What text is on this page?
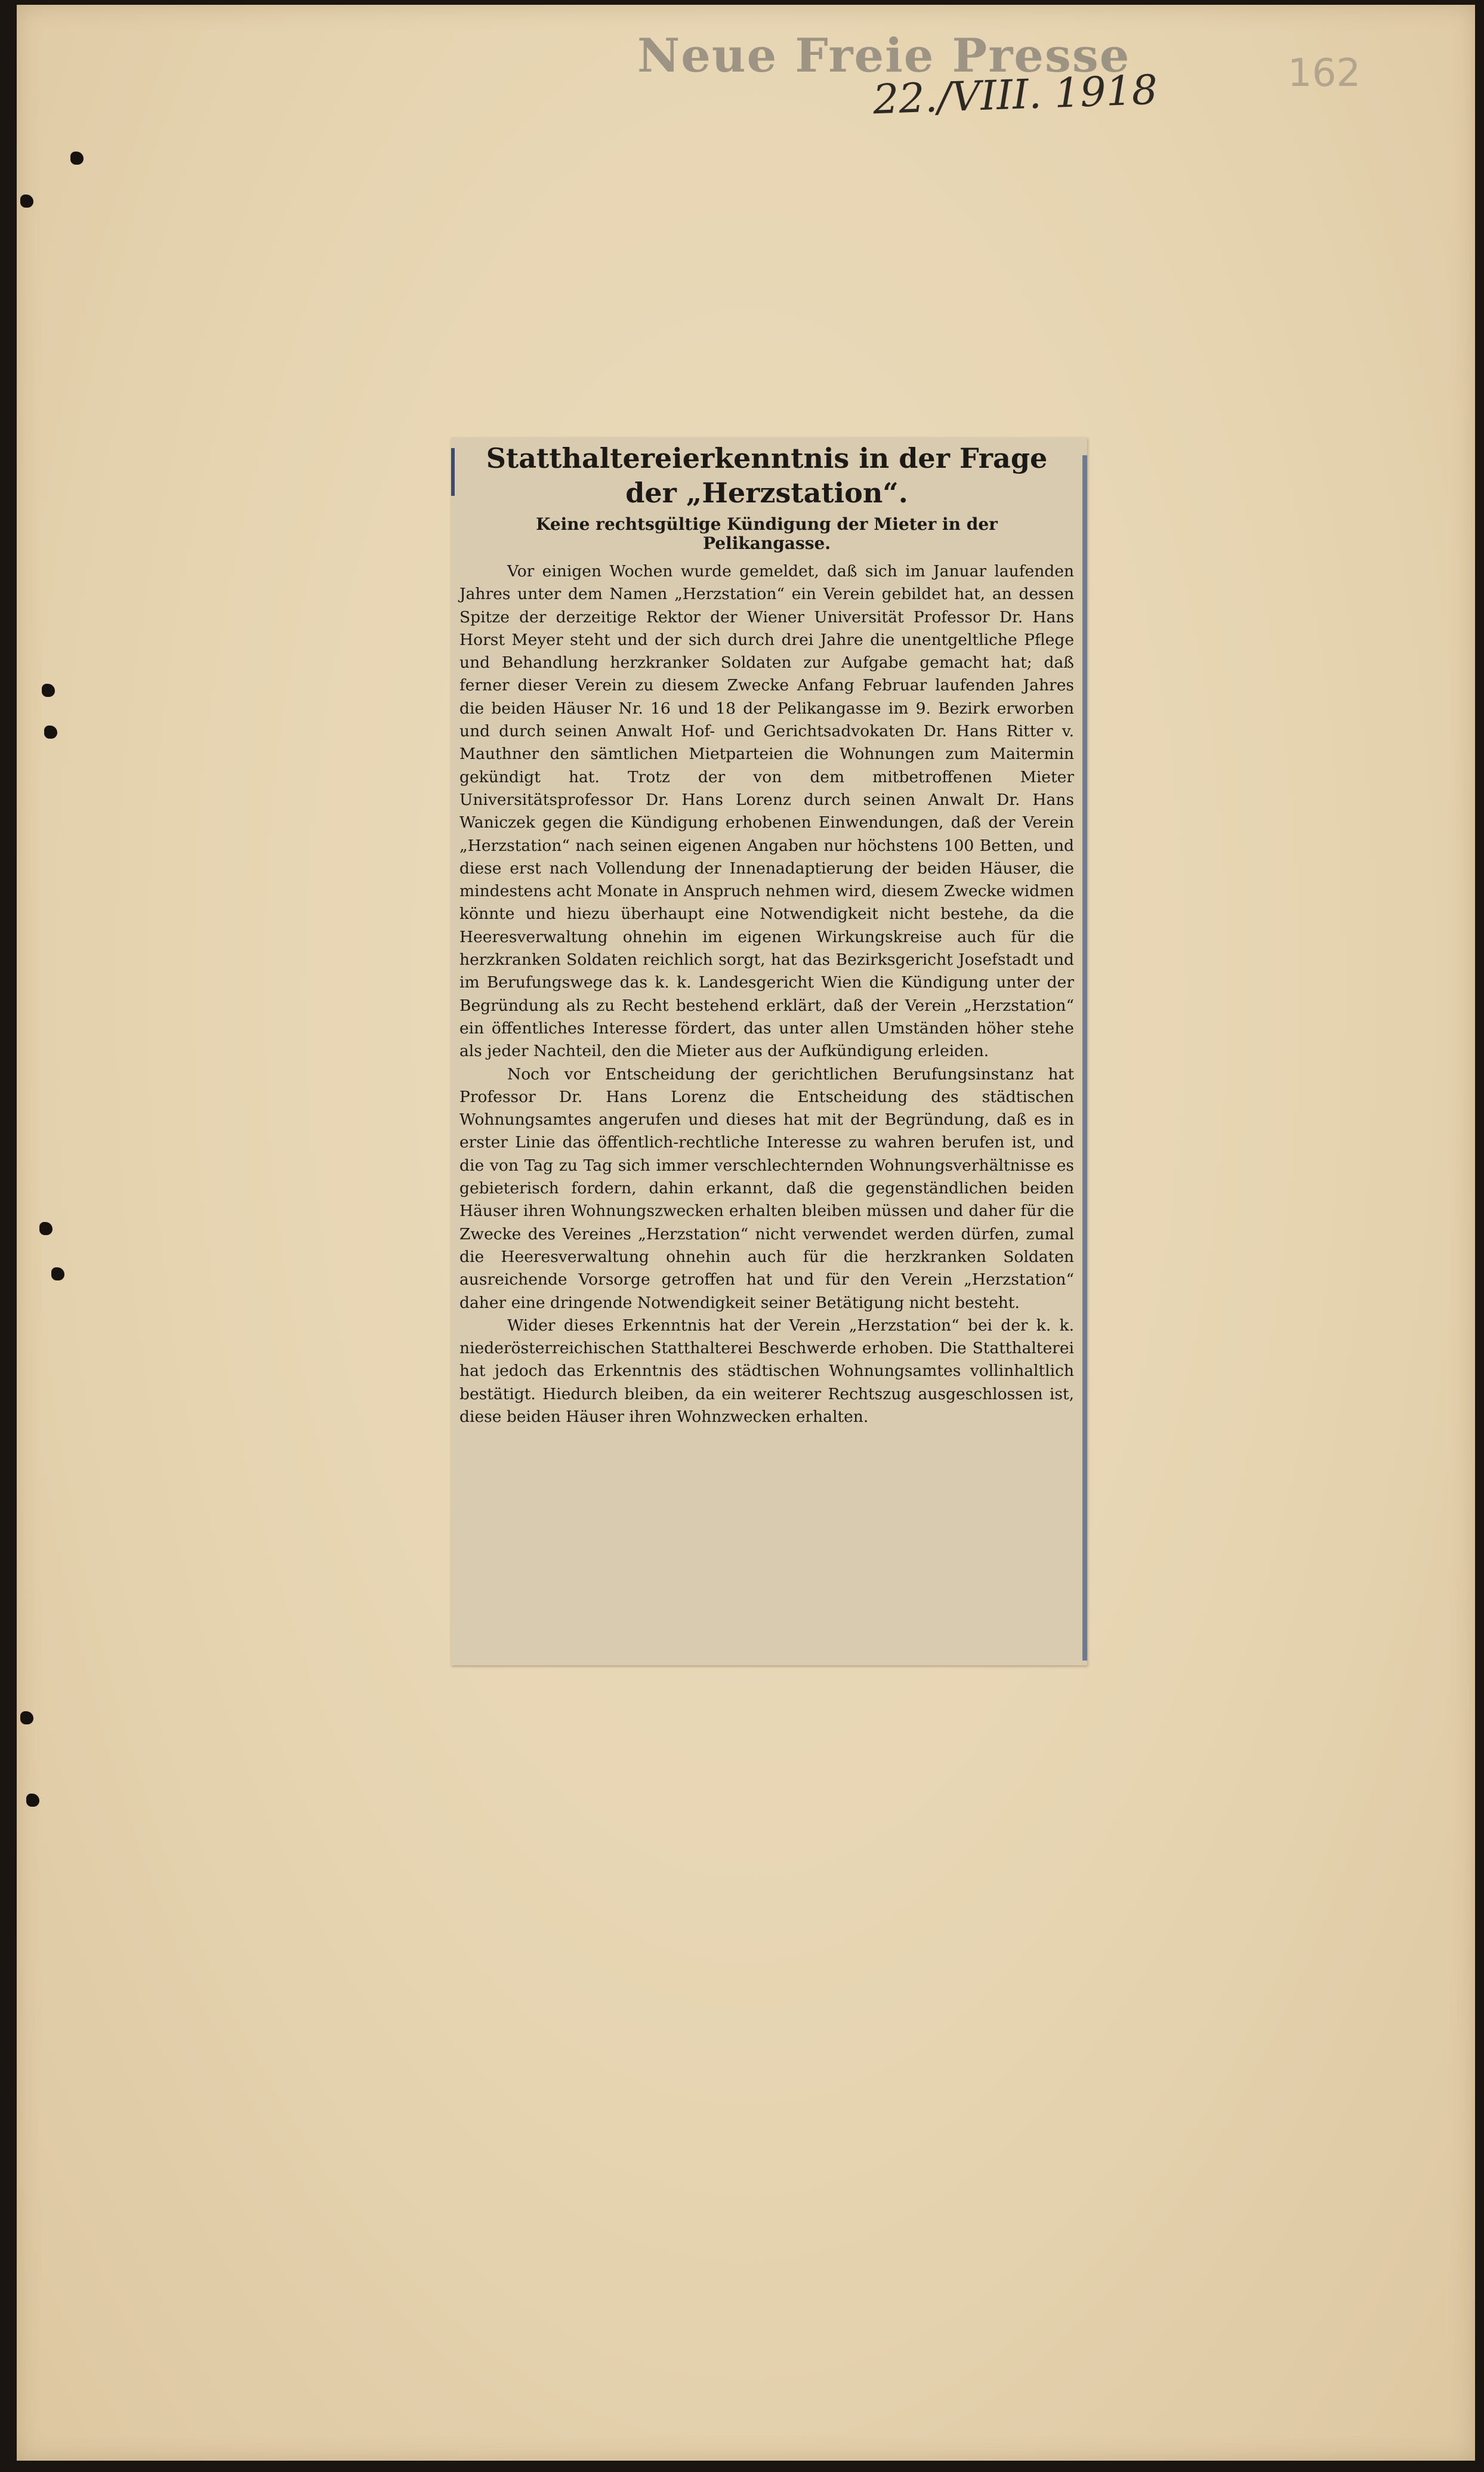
Neue Freie Presse
22./VIII. 1918	162
Statthaltereierkenntnis in der Frage der „Herzstation“.
Keine rechtsgültige Kündigung der Mieter in der Pelikangasse.

Vor einigen Wochen wurde gemeldet, daß sich im Januar laufenden Jahres unter dem Namen „Herzstation“ ein Verein gebildet hat, an dessen Spitze der derzeitige Rektor der Wiener Universität Professor Dr. Hans Horst Meyer steht und der sich durch drei Jahre die unentgeltliche Pflege und Behandlung herzkranker Soldaten zur Aufgabe gemacht hat; daß ferner dieser Verein zu diesem Zwecke Anfang Februar laufenden Jahres die beiden Häuser Nr. 16 und 18 der Pelikangasse im 9. Bezirk erworben und durch seinen Anwalt Hof- und Gerichtsadvokaten Dr. Hans Ritter v. Mauthner den sämtlichen Mietparteien die Wohnungen zum Maitermin gekündigt hat. Trotz der von dem mitbetroffenen Mieter Universitätsprofessor Dr. Hans Lorenz durch seinen Anwalt Dr. Hans Waniczek gegen die Kündigung erhobenen Einwendungen, daß der Verein „Herzstation“ nach seinen eigenen Angaben nur höchstens 100 Betten, und diese erst nach Vollendung der Innenadaptierung der beiden Häuser, die mindestens acht Monate in Anspruch nehmen wird, diesem Zwecke widmen könnte und hiezu überhaupt eine Notwendigkeit nicht bestehe, da die Heeresverwaltung ohnehin im eigenen Wirkungskreise auch für die herzkranken Soldaten reichlich sorgt, hat das Bezirksgericht Josefstadt und im Berufungswege das k. k. Landesgericht Wien die Kündigung unter der Begründung als zu Recht bestehend erklärt, daß der Verein „Herzstation“ ein öffentliches Interesse fördert, das unter allen Umständen höher stehe als jeder Nachteil, den die Mieter aus der Aufkündigung erleiden.

Noch vor Entscheidung der gerichtlichen Berufungsinstanz hat Professor Dr. Hans Lorenz die Entscheidung des städtischen Wohnungsamtes angerufen und dieses hat mit der Begründung, daß es in erster Linie das öffentlich-rechtliche Interesse zu wahren berufen ist, und die von Tag zu Tag sich immer verschlechternden Wohnungsverhältnisse es gebieterisch fordern, dahin erkannt, daß die gegenständlichen beiden Häuser ihren Wohnungszwecken erhalten bleiben müssen und daher für die Zwecke des Vereines „Herzstation“ nicht verwendet werden dürfen, zumal die Heeresverwaltung ohnehin auch für die herzkranken Soldaten ausreichende Vorsorge getroffen hat und für den Verein „Herzstation“ daher eine dringende Notwendigkeit seiner Betätigung nicht besteht.

Wider dieses Erkenntnis hat der Verein „Herzstation“ bei der k. k. niederösterreichischen Statthalterei Beschwerde erhoben. Die Statthalterei hat jedoch das Erkenntnis des städtischen Wohnungsamtes vollinhaltlich bestätigt. Hiedurch bleiben, da ein weiterer Rechtszug ausgeschlossen ist, diese beiden Häuser ihren Wohnzwecken erhalten.
